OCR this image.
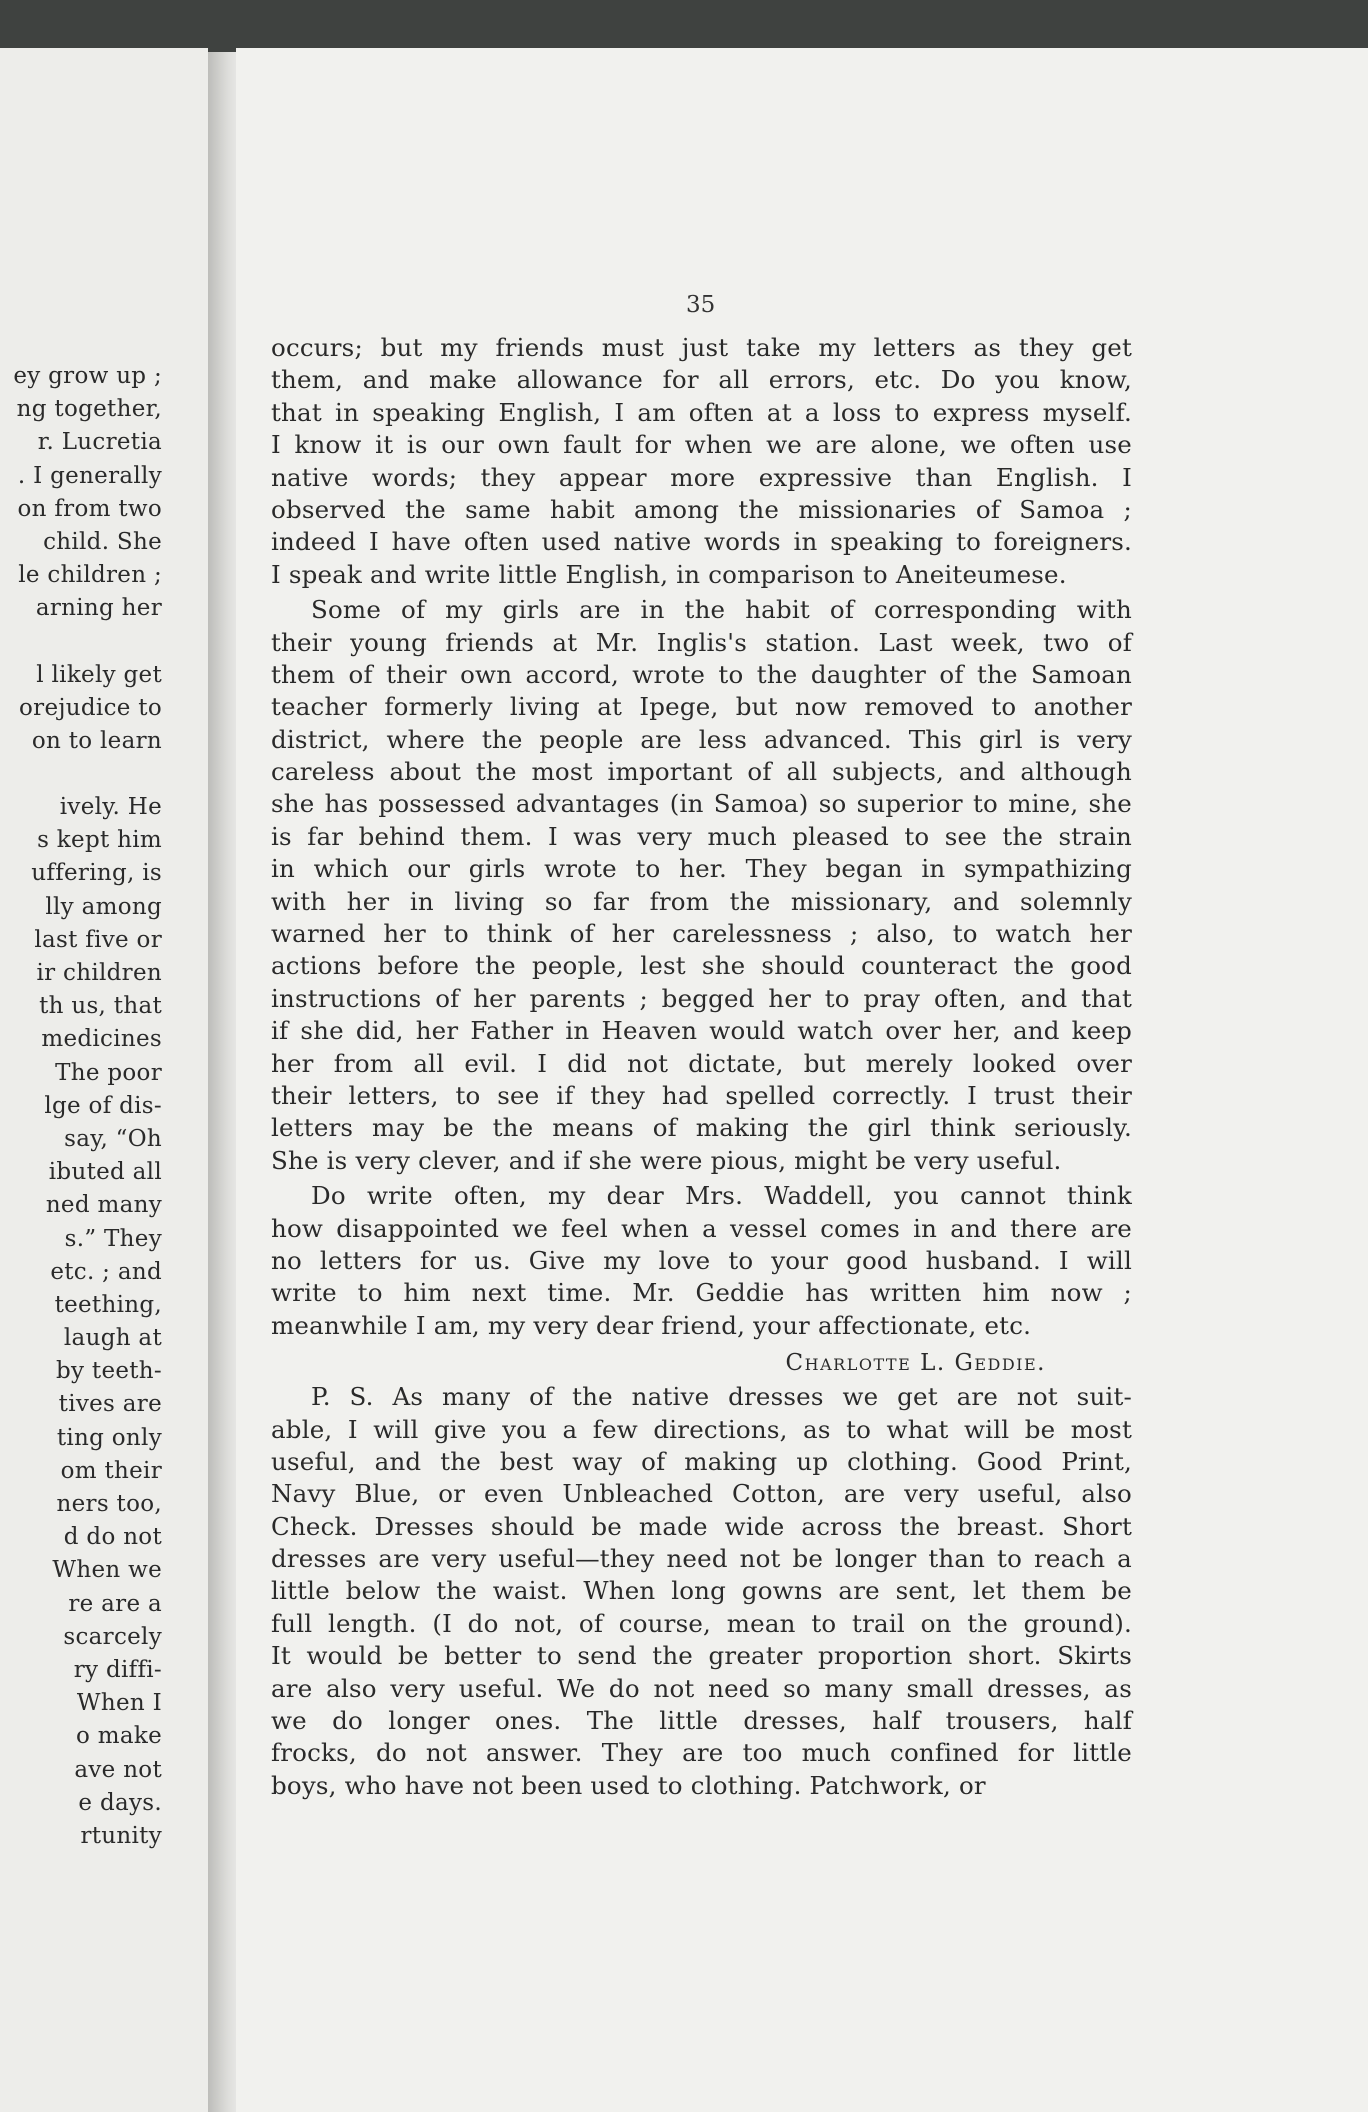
ey grow up ;
ng together,
r. Lucretia
. I generally
on from two
child. She
le children ;
arning her
l likely get
orejudice to
on to learn
ively. He
s kept him
uffering, is
lly among
last five or
ir children
th us, that
medicines
The poor
lge of dis-
say, “Oh
ibuted all
ned many
s.” They
etc. ; and
teething,
laugh at
by teeth-
tives are
ting only
om their
ners too,
d do not
When we
re are a
scarcely
ry diffi-
When I
o make
ave not
e days.
rtunity
35
occurs; but my friends must just take my letters as they get
them, and make allowance for all errors, etc. Do you know,
that in speaking English, I am often at a loss to express myself.
I know it is our own fault for when we are alone, we often use
native words; they appear more expressive than English. I
observed the same habit among the missionaries of Samoa ;
indeed I have often used native words in speaking to foreigners.
I speak and write little English, in comparison to Aneiteumese.
Some of my girls are in the habit of corresponding with
their young friends at Mr. Inglis's station. Last week, two of
them of their own accord, wrote to the daughter of the Samoan
teacher formerly living at Ipege, but now removed to another
district, where the people are less advanced. This girl is very
careless about the most important of all subjects, and although
she has possessed advantages (in Samoa) so superior to mine, she
is far behind them. I was very much pleased to see the strain
in which our girls wrote to her. They began in sympathizing
with her in living so far from the missionary, and solemnly
warned her to think of her carelessness ; also, to watch her
actions before the people, lest she should counteract the good
instructions of her parents ; begged her to pray often, and that
if she did, her Father in Heaven would watch over her, and keep
her from all evil. I did not dictate, but merely looked over
their letters, to see if they had spelled correctly. I trust their
letters may be the means of making the girl think seriously.
She is very clever, and if she were pious, might be very useful.
Do write often, my dear Mrs. Waddell, you cannot think
how disappointed we feel when a vessel comes in and there are
no letters for us. Give my love to your good husband. I will
write to him next time. Mr. Geddie has written him now ;
meanwhile I am, my very dear friend, your affectionate, etc.
Charlotte L. Geddie.
P. S. As many of the native dresses we get are not suit-
able, I will give you a few directions, as to what will be most
useful, and the best way of making up clothing. Good Print,
Navy Blue, or even Unbleached Cotton, are very useful, also
Check. Dresses should be made wide across the breast. Short
dresses are very useful—they need not be longer than to reach a
little below the waist. When long gowns are sent, let them be
full length. (I do not, of course, mean to trail on the ground).
It would be better to send the greater proportion short. Skirts
are also very useful. We do not need so many small dresses, as
we do longer ones. The little dresses, half trousers, half
frocks, do not answer. They are too much confined for little
boys, who have not been used to clothing. Patchwork, or
